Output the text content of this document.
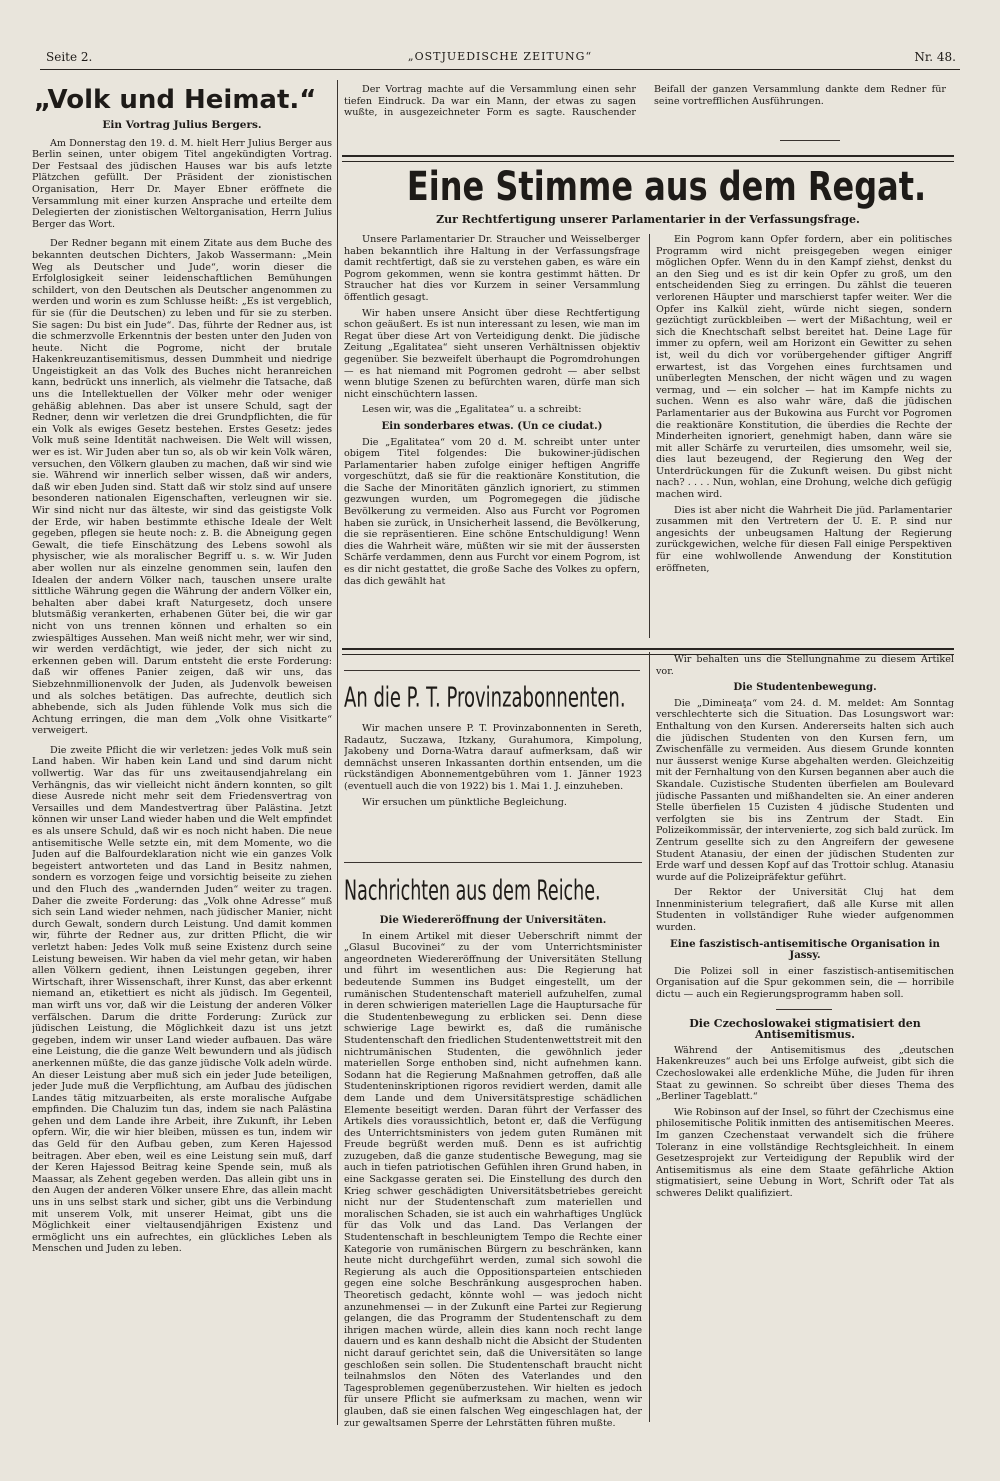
Seite 2.	„OSTJUEDISCHE ZEITUNG“	Nr. 48.
„Volk und Heimat.“
Ein Vortrag Julius Bergers.

Am Donnerstag den 19. d. M. hielt Herr Julius Berger aus Berlin seinen, unter obigem Titel angekündigten Vortrag. Der Festsaal des jüdischen Hauses war bis aufs letzte Plätzchen gefüllt. Der Präsident der zionistischen Organisation, Herr Dr. Mayer Ebner eröffnete die Versammlung mit einer kurzen Ansprache und erteilte dem Delegierten der zionistischen Weltorganisation, Herrn Julius Berger das Wort.

Der Redner begann mit einem Zitate aus dem Buche des bekannten deutschen Dichters, Jakob Wassermann: „Mein Weg als Deutscher und Jude“, worin dieser die Erfolglosigkeit seiner leidenschaftlichen Bemühungen schildert, von den Deutschen als Deutscher angenommen zu werden und worin es zum Schlusse heißt: „Es ist vergeblich, für sie (für die Deutschen) zu leben und für sie zu sterben. Sie sagen: Du bist ein Jude“. Das, führte der Redner aus, ist die schmerzvolle Erkenntnis der besten unter den Juden von heute. Nicht die Pogrome, nicht der brutale Hakenkreuzantisemitismus, dessen Dummheit und niedrige Ungeistigkeit an das Volk des Buches nicht heranreichen kann, bedrückt uns innerlich, als vielmehr die Tatsache, daß uns die Intellektuellen der Völker mehr oder weniger gehäßig ablehnen. Das aber ist unsere Schuld, sagt der Redner, denn wir verletzen die drei Grundpflichten, die für ein Volk als ewiges Gesetz bestehen. Erstes Gesetz: jedes Volk muß seine Identität nachweisen. Die Welt will wissen, wer es ist. Wir Juden aber tun so, als ob wir kein Volk wären, versuchen, den Völkern glauben zu machen, daß wir sind wie sie. Während wir innerlich selber wissen, daß wir anders, daß wir eben Juden sind. Statt daß wir stolz sind auf unsere besonderen nationalen Eigenschaften, verleugnen wir sie. Wir sind nicht nur das älteste, wir sind das geistigste Volk der Erde, wir haben bestimmte ethische Ideale der Welt gegeben, pflegen sie heute noch: z. B. die Abneigung gegen Gewalt, die tiefe Einschätzung des Lebens sowohl als physischer, wie als moralischer Begriff u. s. w. Wir Juden aber wollen nur als einzelne genommen sein, laufen den Idealen der andern Völker nach, tauschen unsere uralte sittliche Währung gegen die Währung der andern Völker ein, behalten aber dabei kraft Naturgesetz, doch unsere blutsmäßig verankerten, erhabenen Güter bei, die wir gar nicht von uns trennen können und erhalten so ein zwiespältiges Aussehen. Man weiß nicht mehr, wer wir sind, wir werden verdächtigt, wie jeder, der sich nicht zu erkennen geben will. Darum entsteht die erste Forderung: daß wir offenes Panier zeigen, daß wir uns, das Siebzehnmillionenvolk der Juden, als Judenvolk beweisen und als solches betätigen. Das aufrechte, deutlich sich abhebende, sich als Juden fühlende Volk mus sich die Achtung erringen, die man dem „Volk ohne Visitkarte“ verweigert.

Die zweite Pflicht die wir verletzen: jedes Volk muß sein Land haben. Wir haben kein Land und sind darum nicht vollwertig. War das für uns zweitausendjahrelang ein Verhängnis, das wir vielleicht nicht ändern konnten, so gilt diese Ausrede nicht mehr seit dem Friedensvertrag von Versailles und dem Mandestvertrag über Palästina. Jetzt können wir unser Land wieder haben und die Welt empfindet es als unsere Schuld, daß wir es noch nicht haben. Die neue antisemitische Welle setzte ein, mit dem Momente, wo die Juden auf die Balfourdeklaration nicht wie ein ganzes Volk begeistert antworteten und das Land in Besitz nahmen, sondern es vorzogen feige und vorsichtig beiseite zu ziehen und den Fluch des „wandernden Juden“ weiter zu tragen. Daher die zweite Forderung: das „Volk ohne Adresse“ muß sich sein Land wieder nehmen, nach jüdischer Manier, nicht durch Gewalt, sondern durch Leistung. Und damit kommen wir, führte der Redner aus, zur dritten Pflicht, die wir verletzt haben: Jedes Volk muß seine Existenz durch seine Leistung beweisen. Wir haben da viel mehr getan, wir haben allen Völkern gedient, ihnen Leistungen gegeben, ihrer Wirtschaft, ihrer Wissenschaft, ihrer Kunst, das aber erkennt niemand an, etikettiert es nicht als jüdisch. Im Gegenteil, man wirft uns vor, daß wir die Leistung der anderen Völker verfälschen. Darum die dritte Forderung: Zurück zur jüdischen Leistung, die Möglichkeit dazu ist uns jetzt gegeben, indem wir unser Land wieder aufbauen. Das wäre eine Leistung, die die ganze Welt bewundern und als jüdisch anerkennen müßte, die das ganze jüdische Volk adeln würde. An dieser Leistung aber muß sich ein jeder Jude beteiligen, jeder Jude muß die Verpflichtung, am Aufbau des jüdischen Landes tätig mitzuarbeiten, als erste moralische Aufgabe empfinden. Die Chaluzim tun das, indem sie nach Palästina gehen und dem Lande ihre Arbeit, ihre Zukunft, ihr Leben opfern. Wir, die wir hier bleiben, müssen es tun, indem wir das Geld für den Aufbau geben, zum Keren Hajessod beitragen. Aber eben, weil es eine Leistung sein muß, darf der Keren Hajessod Beitrag keine Spende sein, muß als Maassar, als Zehent gegeben werden. Das allein gibt uns in den Augen der anderen Völker unsere Ehre, das allein macht uns in uns selbst stark und sicher, gibt uns die Verbindung mit unserem Volk, mit unserer Heimat, gibt uns die Möglichkeit einer vieltausendjährigen Existenz und ermöglicht uns ein aufrechtes, ein glückliches Leben als Menschen und Juden zu leben.

Der Vortrag machte auf die Versammlung einen sehr tiefen Eindruck. Da war ein Mann, der etwas zu sagen wußte, in ausgezeichneter Form es sagte. Rauschender Beifall der ganzen Versammlung dankte dem Redner für seine vortrefflichen Ausführungen.

Eine Stimme aus dem Regat.
Zur Rechtfertigung unserer Parlamentarier in der Verfassungsfrage.

Unsere Parlamentarier Dr. Straucher und Weisselberger haben bekanntlich ihre Haltung in der Verfassungsfrage damit rechtfertigt, daß sie zu verstehen gaben, es wäre ein Pogrom gekommen, wenn sie kontra gestimmt hätten. Dr Straucher hat dies vor Kurzem in seiner Versammlung öffentlich gesagt.

Wir haben unsere Ansicht über diese Rechtfertigung schon geäußert. Es ist nun interessant zu lesen, wie man im Regat über diese Art von Verteidigung denkt. Die jüdische Zeitung „Egalitatea“ sieht unseren Verhältnissen objektiv gegenüber. Sie bezweifelt überhaupt die Pogromdrohungen — es hat niemand mit Pogromen gedroht — aber selbst wenn blutige Szenen zu befürchten waren, dürfe man sich nicht einschüchtern lassen.

Lesen wir, was die „Egalitatea“ u. a schreibt:

Ein sonderbares etwas. (Un ce ciudat.)

Die „Egalitatea“ vom 20 d. M. schreibt unter unter obigem Titel folgendes: Die bukowiner-jüdischen Parlamentarier haben zufolge einiger heftigen Angriffe vorgeschützt, daß sie für die reaktionäre Konstitution, die die Sache der Minoritäten gänzlich ignoriert, zu stimmen gezwungen wurden, um Pogromegegen die jüdische Bevölkerung zu vermeiden. Also aus Furcht vor Pogromen haben sie zurück, in Unsicherheit lassend, die Bevölkerung, die sie repräsentieren. Eine schöne Entschuldigung! Wenn dies die Wahrheit wäre, müßten wir sie mit der äussersten Schärfe verdammen, denn aus Furcht vor einem Pogrom, ist es dir nicht gestattet, die große Sache des Volkes zu opfern, das dich gewählt hat

Ein Pogrom kann Opfer fordern, aber ein politisches Programm wird nicht preisgegeben wegen einiger möglichen Opfer. Wenn du in den Kampf ziehst, denkst du an den Sieg und es ist dir kein Opfer zu groß, um den entscheidenden Sieg zu erringen. Du zählst die teueren verlorenen Häupter und marschierst tapfer weiter. Wer die Opfer ins Kalkül zieht, würde nicht siegen, sondern gezüchtigt zurückbleiben — wert der Mißachtung, weil er sich die Knechtschaft selbst bereitet hat. Deine Lage für immer zu opfern, weil am Horizont ein Gewitter zu sehen ist, weil du dich vor vorübergehender giftiger Angriff erwartest, ist das Vorgehen eines furchtsamen und unüberlegten Menschen, der nicht wägen und zu wagen vermag, und — ein solcher — hat im Kampfe nichts zu suchen. Wenn es also wahr wäre, daß die jüdischen Parlamentarier aus der Bukowina aus Furcht vor Pogromen die reaktionäre Konstitution, die überdies die Rechte der Minderheiten ignoriert, genehmigt haben, dann wäre sie mit aller Schärfe zu verurteilen, dies umsomehr, weil sie, dies laut bezeugend, der Regierung den Weg der Unterdrückungen für die Zukunft weisen. Du gibst nicht nach? . . . . Nun, wohlan, eine Drohung, welche dich gefügig machen wird.

Dies ist aber nicht die Wahrheit Die jüd. Parlamentarier zusammen mit den Vertretern der U. E. P. sind nur angesichts der unbeugsamen Haltung der Regierung zurückgewichen, welche für diesen Fall einige Perspektiven für eine wohlwollende Anwendung der Konstitution eröffneten,

An die P. T. Provinzabonnenten.

Wir machen unsere P. T. Provinzabonnenten in Sereth, Radautz, Suczawa, Itzkany, Gurahumora, Kimpolung, Jakobeny und Dorna-Watra darauf aufmerksam, daß wir demnächst unseren Inkassanten dorthin entsenden, um die rückständigen Abonnementgebühren vom 1. Jänner 1923 (eventuell auch die von 1922) bis 1. Mai 1. J. einzuheben.

Wir ersuchen um pünktliche Begleichung.

Nachrichten aus dem Reiche.
Die Wiedereröffnung der Universitäten.

In einem Artikel mit dieser Ueberschrift nimmt der „Glasul Bucovinei“ zu der vom Unterrichtsminister angeordneten Wiedereröffnung der Universitäten Stellung und führt im wesentlichen aus: Die Regierung hat bedeutende Summen ins Budget eingestellt, um der rumänischen Studentenschaft materiell aufzuhelfen, zumal in deren schwierigen materiellen Lage die Hauptursache für die Studentenbewegung zu erblicken sei. Denn diese schwierige Lage bewirkt es, daß die rumänische Studentenschaft den friedlichen Studentenwettstreit mit den nichtrumänischen Studenten, die gewöhnlich jeder materiellen Sorge enthoben sind, nicht aufnehmen kann. Sodann hat die Regierung Maßnahmen getroffen, daß alle Studenteninskriptionen rigoros revidiert werden, damit alle dem Lande und dem Universitätsprestige schädlichen Elemente beseitigt werden. Daran führt der Verfasser des Artikels dies voraussichtlich, betont er, daß die Verfügung des Unterrichtsministers von jedem guten Rumänen mit Freude begrüßt werden muß. Denn es ist aufrichtig zuzugeben, daß die ganze studentische Bewegung, mag sie auch in tiefen patriotischen Gefühlen ihren Grund haben, in eine Sackgasse geraten sei. Die Einstellung des durch den Krieg schwer geschädigten Universitätsbetriebes gereicht nicht nur der Studentenschaft zum materiellen und moralischen Schaden, sie ist auch ein wahrhaftiges Unglück für das Volk und das Land. Das Verlangen der Studentenschaft in beschleunigtem Tempo die Rechte einer Kategorie von rumänischen Bürgern zu beschränken, kann heute nicht durchgeführt werden, zumal sich sowohl die Regierung als auch die Oppositionsparteien entschieden gegen eine solche Beschränkung ausgesprochen haben. Theoretisch gedacht, könnte wohl — was jedoch nicht anzunehmensei — in der Zukunft eine Partei zur Regierung gelangen, die das Programm der Studentenschaft zu dem ihrigen machen würde, allein dies kann noch recht lange dauern und es kann deshalb nicht die Absicht der Studenten nicht darauf gerichtet sein, daß die Universitäten so lange geschloßen sein sollen. Die Studentenschaft braucht nicht teilnahmslos den Nöten des Vaterlandes und den Tagesproblemen gegenüberzustehen. Wir hielten es jedoch für unsere Pflicht sie aufmerksam zu machen, wenn wir glauben, daß sie einen falschen Weg eingeschlagen hat, der zur gewaltsamen Sperre der Lehrstätten führen mußte.

Wir behalten uns die Stellungnahme zu diesem Artikel vor.

Die Studentenbewegung.

Die „Dimineaţa“ vom 24. d. M. meldet: Am Sonntag verschlechterte sich die Situation. Das Losungswort war: Enthaltung von den Kursen. Andererseits halten sich auch die jüdischen Studenten von den Kursen fern, um Zwischenfälle zu vermeiden. Aus diesem Grunde konnten nur äusserst wenige Kurse abgehalten werden. Gleichzeitig mit der Fernhaltung von den Kursen begannen aber auch die Skandale. Cuzistische Studenten überfielen am Boulevard jüdische Passanten und mißhandelten sie. An einer anderen Stelle überfielen 15 Cuzisten 4 jüdische Studenten und verfolgten sie bis ins Zentrum der Stadt. Ein Polizeikommissär, der intervenierte, zog sich bald zurück. Im Zentrum gesellte sich zu den Angreifern der gewesene Student Atanasiu, der einen der jüdischen Studenten zur Erde warf und dessen Kopf auf das Trottoir schlug. Atanasiu wurde auf die Polizeipräfektur geführt.

Der Rektor der Universität Cluj hat dem Innenministerium telegrafiert, daß alle Kurse mit allen Studenten in vollständiger Ruhe wieder aufgenommen wurden.

Eine faszistisch-antisemitische Organisation in Jassy.

Die Polizei soll in einer faszistisch-antisemitischen Organisation auf die Spur gekommen sein, die — horribile dictu — auch ein Regierungsprogramm haben soll.

Die Czechoslowakei stigmatisiert den Antisemitismus.

Während der Antisemitismus des „deutschen Hakenkreuzes“ auch bei uns Erfolge aufweist, gibt sich die Czechoslowakei alle erdenkliche Mühe, die Juden für ihren Staat zu gewinnen. So schreibt über dieses Thema des „Berliner Tageblatt.“

Wie Robinson auf der Insel, so führt der Czechismus eine philosemitische Politik inmitten des antisemitischen Meeres. Im ganzen Czechenstaat verwandelt sich die frühere Toleranz in eine vollständige Rechtsgleichheit. In einem Gesetzesprojekt zur Verteidigung der Republik wird der Antisemitismus als eine dem Staate gefährliche Aktion stigmatisiert, seine Uebung in Wort, Schrift oder Tat als schweres Delikt qualifiziert.
